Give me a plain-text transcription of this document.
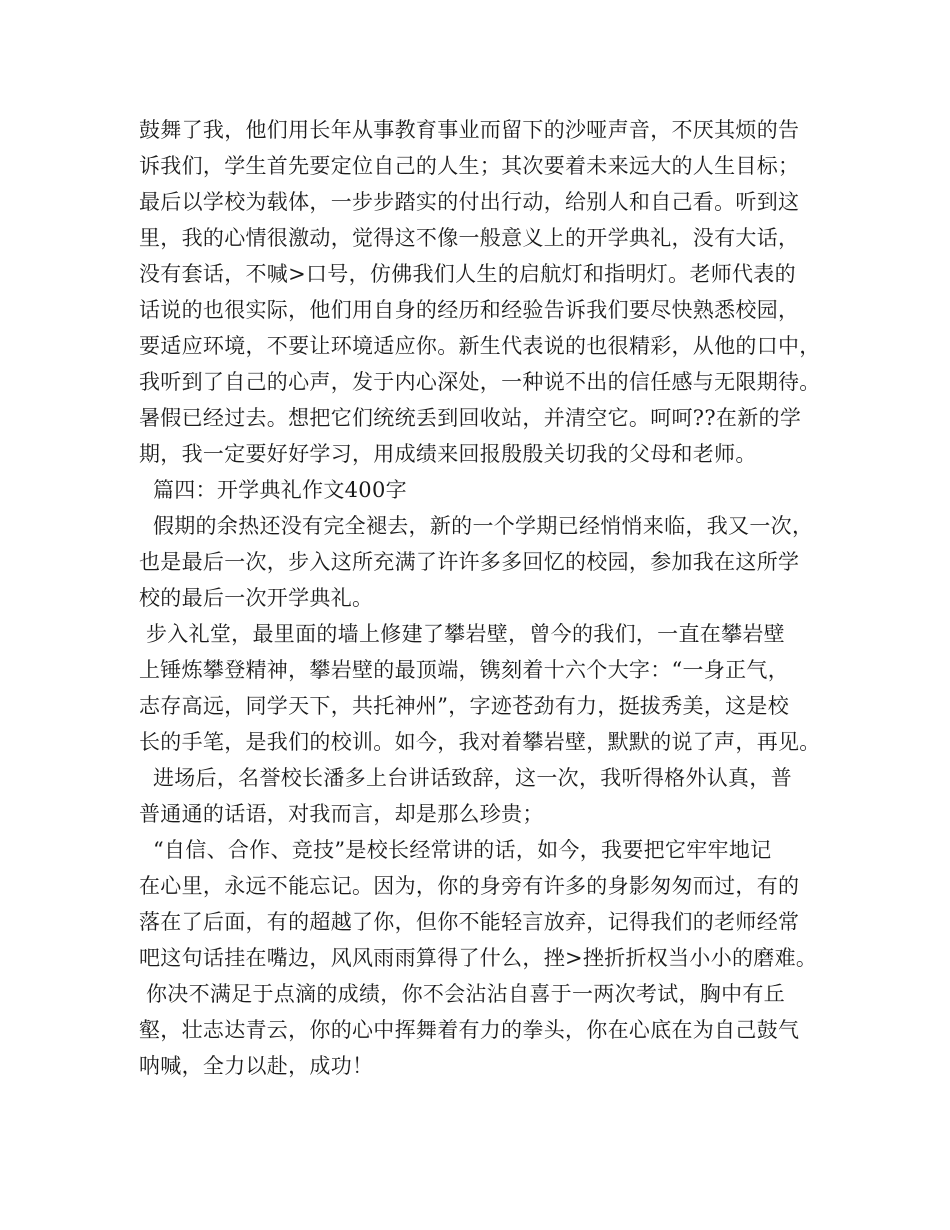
鼓舞了我，他们用长年从事教育事业而留下的沙哑声音，不厌其烦的告
诉我们，学生首先要定位自己的人生；其次要着未来远大的人生目标；
最后以学校为载体，一步步踏实的付出行动，给别人和自己看。听到这
里，我的心情很激动，觉得这不像一般意义上的开学典礼，没有大话，
没有套话，不喊>口号，仿佛我们人生的启航灯和指明灯。老师代表的
话说的也很实际，他们用自身的经历和经验告诉我们要尽快熟悉校园，
要适应环境，不要让环境适应你。新生代表说的也很精彩，从他的口中，
我听到了自己的心声，发于内心深处，一种说不出的信任感与无限期待。
暑假已经过去。想把它们统统丢到回收站，并清空它。呵呵??在新的学
期，我一定要好好学习，用成绩来回报殷殷关切我的父母和老师。
篇四：开学典礼作文400字
假期的余热还没有完全褪去，新的一个学期已经悄悄来临，我又一次，
也是最后一次，步入这所充满了许许多多回忆的校园，参加我在这所学
校的最后一次开学典礼。
步入礼堂，最里面的墙上修建了攀岩壁，曾今的我们，一直在攀岩壁
上锤炼攀登精神，攀岩壁的最顶端，镌刻着十六个大字：“一身正气，
志存高远，同学天下，共托神州”，字迹苍劲有力，挺拔秀美，这是校
长的手笔，是我们的校训。如今，我对着攀岩壁，默默的说了声，再见。
进场后，名誉校长潘多上台讲话致辞，这一次，我听得格外认真，普
普通通的话语，对我而言，却是那么珍贵；
“自信、合作、竞技”是校长经常讲的话，如今，我要把它牢牢地记
在心里，永远不能忘记。因为，你的身旁有许多的身影匆匆而过，有的
落在了后面，有的超越了你，但你不能轻言放弃，记得我们的老师经常
吧这句话挂在嘴边，风风雨雨算得了什么，挫>挫折折权当小小的磨难。
你决不满足于点滴的成绩，你不会沾沾自喜于一两次考试，胸中有丘
壑，壮志达青云，你的心中挥舞着有力的拳头，你在心底在为自己鼓气
呐喊，全力以赴，成功！
